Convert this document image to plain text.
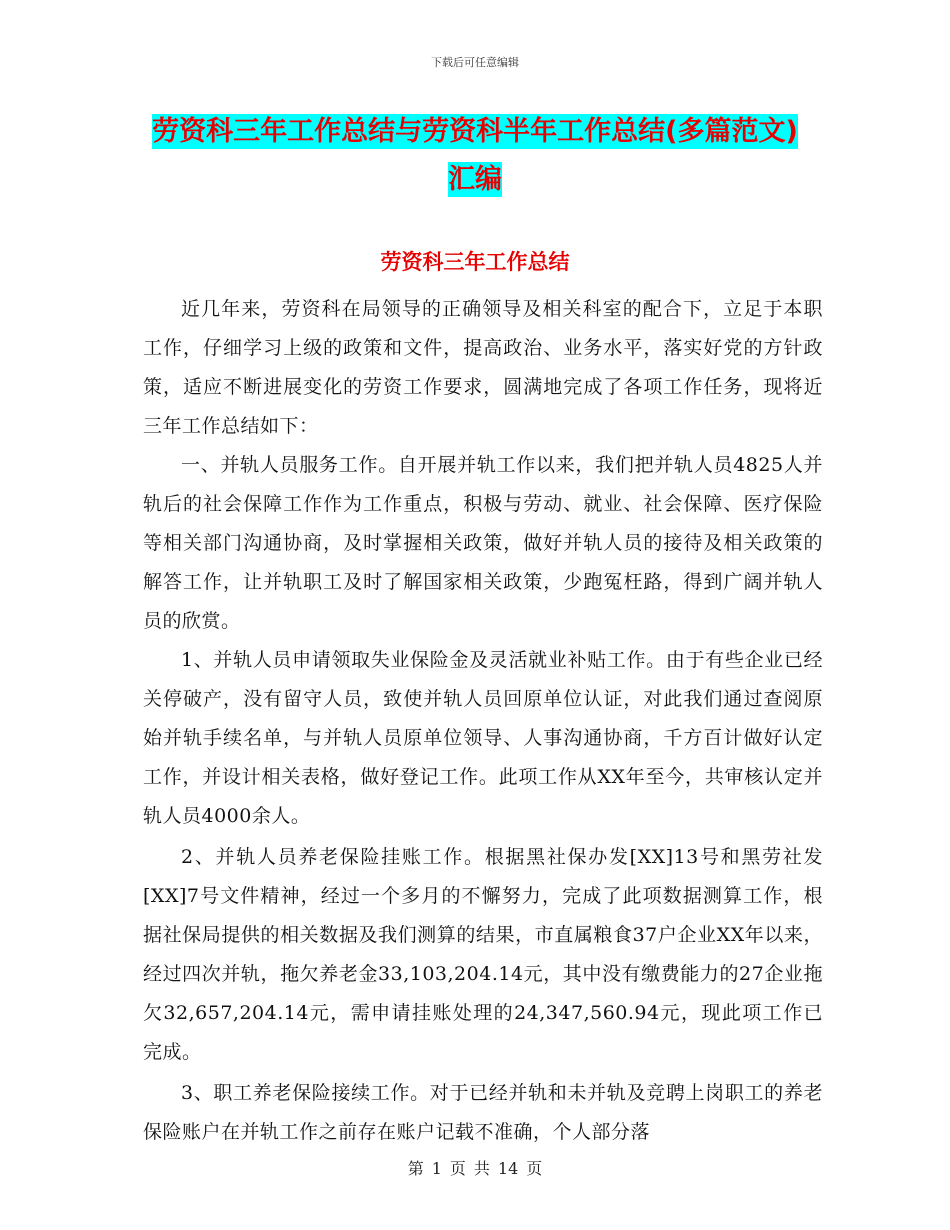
下载后可任意编辑
劳资科三年工作总结与劳资科半年工作总结(多篇范文)汇编
劳资科三年工作总结

近几年来，劳资科在局领导的正确领导及相关科室的配合下，立足于本职工作，仔细学习上级的政策和文件，提高政治、业务水平，落实好党的方针政策，适应不断进展变化的劳资工作要求，圆满地完成了各项工作任务，现将近三年工作总结如下：

一、并轨人员服务工作。自开展并轨工作以来，我们把并轨人员4825人并轨后的社会保障工作作为工作重点，积极与劳动、就业、社会保障、医疗保险等相关部门沟通协商，及时掌握相关政策，做好并轨人员的接待及相关政策的解答工作，让并轨职工及时了解国家相关政策，少跑冤枉路，得到广阔并轨人员的欣赏。

1、并轨人员申请领取失业保险金及灵活就业补贴工作。由于有些企业已经关停破产，没有留守人员，致使并轨人员回原单位认证，对此我们通过查阅原始并轨手续名单，与并轨人员原单位领导、人事沟通协商，千方百计做好认定工作，并设计相关表格，做好登记工作。此项工作从XX年至今，共审核认定并轨人员4000余人。

2、并轨人员养老保险挂账工作。根据黑社保办发[XX]13号和黑劳社发[XX]7号文件精神，经过一个多月的不懈努力，完成了此项数据测算工作，根据社保局提供的相关数据及我们测算的结果，市直属粮食37户企业XX年以来，经过四次并轨，拖欠养老金33,103,204.14元，其中没有缴费能力的27企业拖欠32,657,204.14元，需申请挂账处理的24,347,560.94元，现此项工作已完成。

3、职工养老保险接续工作。对于已经并轨和未并轨及竞聘上岗职工的养老保险账户在并轨工作之前存在账户记载不准确，个人部分落

第 1 页 共 14 页
